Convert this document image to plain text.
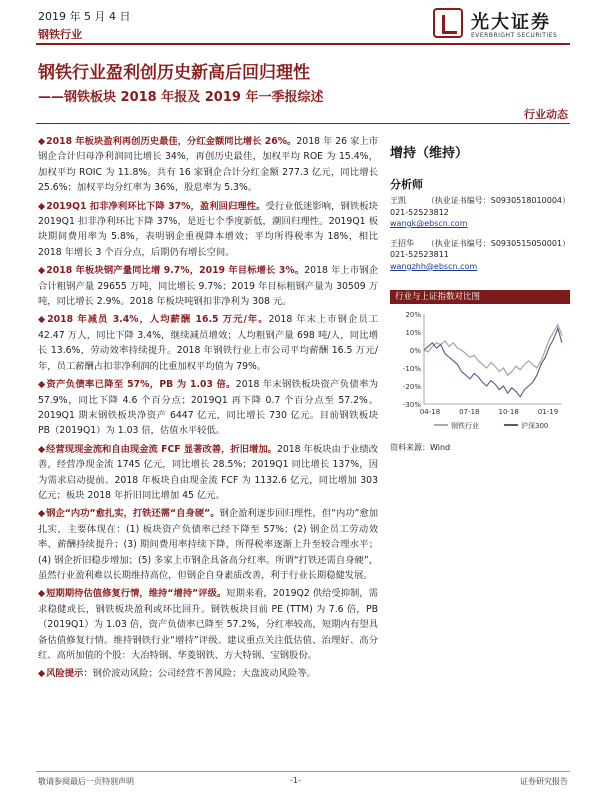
2019 年 5 月 4 日
钢铁行业
光大证券
EVERBRIGHT SECURITIES
钢铁行业盈利创历史新高后回归理性
——钢铁板块 2018 年报及 2019 年一季报综述
行业动态

◆ 2018 年板块盈利再创历史最佳，分红金额同比增长 26%。2018 年 26 家上市钢企合计归母净利润同比增长 34%，再创历史最佳，加权平均 ROE 为 15.4%，加权平均 ROIC 为 11.8%。共有 16 家钢企合计分红金额 277.3 亿元，同比增长 25.6%；加权平均分红率为 36%，股息率为 5.3%。

◆ 2019Q1 扣非净利环比下降 37%，盈利回归理性。受行业低迷影响，钢铁板块 2019Q1 扣非净利环比下降 37%，是近七个季度新低，潮回归理性。2019Q1 板块期间费用率为 5.8%，表明钢企重视降本增效；平均所得税率为 18%，相比 2018 年增长 3 个百分点，后期仍有增长空间。

◆ 2018 年板块钢产量同比增 9.7%，2019 年目标增长 3%。2018 年上市钢企合计粗钢产量 29655 万吨，同比增长 9.7%；2019 年目标粗钢产量为 30509 万吨，同比增长 2.9%。2018 年板块吨钢扣非净利为 308 元。

◆ 2018 年减员 3.4%，人均薪酬 16.5 万元/年。2018 年末上市钢企员工 42.47 万人，同比下降 3.4%，继续减员增效；人均粗钢产量 698 吨/人，同比增长 13.6%，劳动效率持续提升。2018 年钢铁行业上市公司平均薪酬 16.5 万元/年，员工薪酬占扣非净利润的比重加权平均值为 79%。

◆ 资产负债率已降至 57%，PB 为 1.03 倍。2018 年末钢铁板块资产负债率为 57.9%，同比下降 4.6 个百分点；2019Q1 再下降 0.7 个百分点至 57.2%。2019Q1 期末钢铁板块净资产 6447 亿元，同比增长 730 亿元。目前钢铁板块 PB（2019Q1）为 1.03 倍，估值水平较低。

◆ 经营现现金流和自由现金流 FCF 显著改善，折旧增加。2018 年板块由于业绩改善，经营净现金流 1745 亿元，同比增长 28.5%；2019Q1 同比增长 137%，因为需求启动提前。2018 年板块自由现金流 FCF 为 1132.6 亿元，同比增加 303 亿元；板块 2018 年折旧同比增加 45 亿元。

◆ 钢企“内功”愈扎实，打铁还需“自身硬”。钢企盈利逐步回归理性，但“内功”愈加扎实，主要体现在：(1) 板块资产负债率已经下降至 57%；(2) 钢企员工劳动效率、薪酬持续提升；(3) 期间费用率持续下降，所得税率逐渐上升至较合理水平；(4) 钢企折旧稳步增加；(5) 多家上市钢企具备高分红率。所谓“打铁还需自身硬”，虽然行业盈利难以长期维持高位，但钢企自身素质改善，利于行业长期稳健发展。

◆ 短期期待估值修复行情，维持“增持”评级。短期来看，2019Q2 供给受抑制，需求稳健或长，钢铁板块盈利或环比回升。钢铁板块目前 PE (TTM) 为 7.6 倍，PB（2019Q1）为 1.03 倍，资产负债率已降至 57.2%，分红率较高，短期内有望具备估值修复行情。维持钢铁行业“增持”评级。建议重点关注低估值、治理好、高分红、高所加值的个股：大冶特钢、华菱钢铁、方大特钢、宝钢股份。

◆ 风险提示：钢价波动风险；公司经营不善风险；大盘波动风险等。

增持（维持）
分析师
王凯	（执业证书编号：S0930518010004）
021-52523812
wangk@ebscn.com
王招华 （执业证书编号：S0930515050001）
021-52523811
wangzhh@ebscn.com
行业与上证指数对比图
20%
10%
0%
-10%
-20%
-30%
04-18	07-18	10-18	01-19
钢铁行业	沪深300
资料来源：Wind
敬请参阅最后一页特别声明	-1-	证券研究报告
